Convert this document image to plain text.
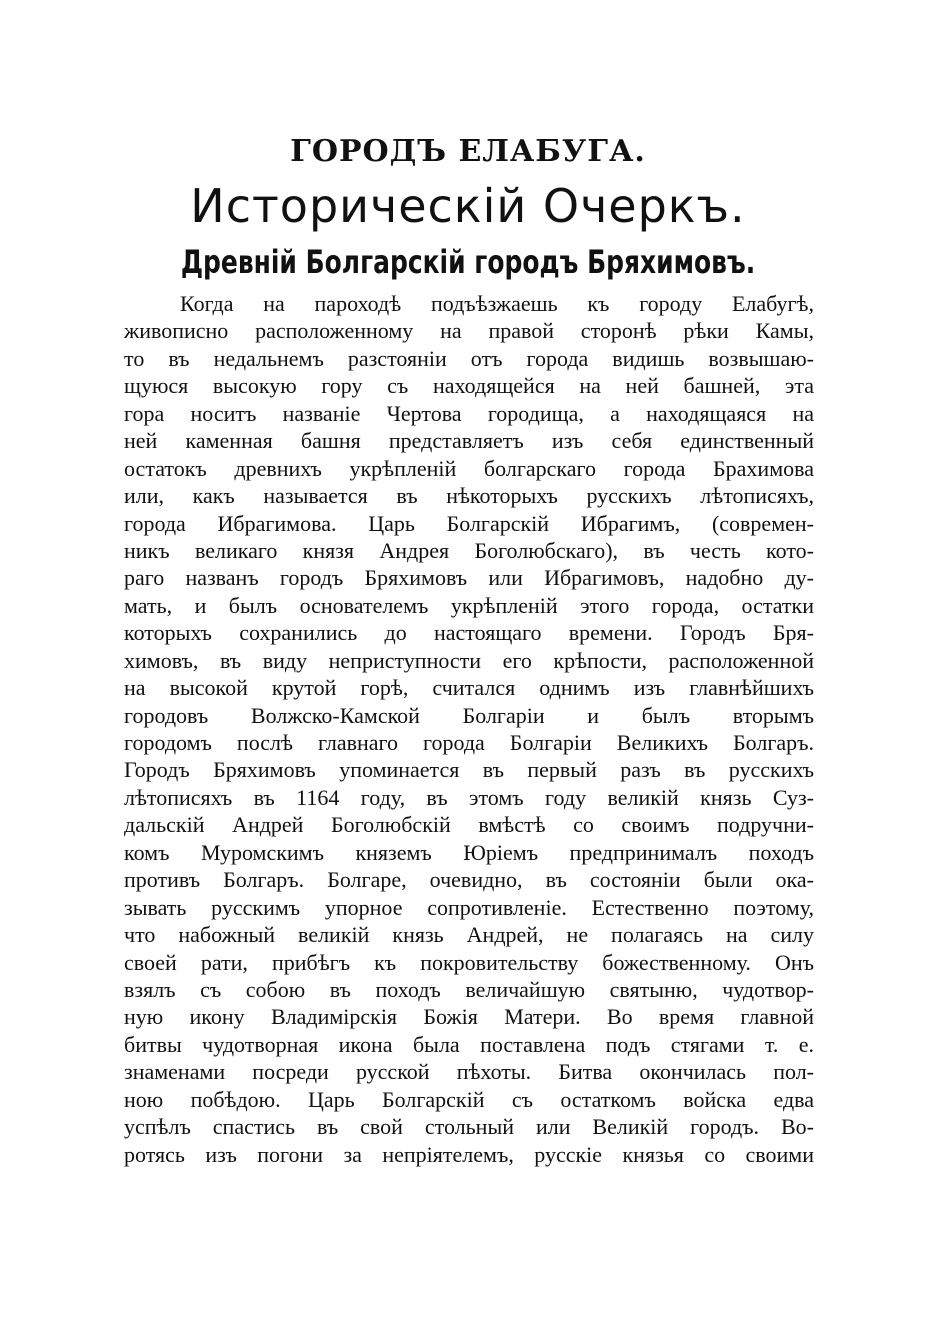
ГОРОДЪ ЕЛАБУГА.
Историческій Очеркъ.
Древній Болгарскій городъ Бряхимовъ.
Когда на пароходѣ подъѣзжаешь къ городу Елабугѣ,
живописно расположенному на правой сторонѣ рѣки Камы,
то въ недальнемъ разстояніи отъ города видишь возвышаю-
щуюся высокую гору съ находящейся на ней башней, эта
гора носитъ названіе Чертова городища, а находящаяся на
ней каменная башня представляетъ изъ себя единственный
остатокъ древнихъ укрѣпленій болгарскаго города Брахимова
или, какъ называется въ нѣкоторыхъ русскихъ лѣтописяхъ,
города Ибрагимова. Царь Болгарскій Ибрагимъ, (современ-
никъ великаго князя Андрея Боголюбскаго), въ честь кото-
раго названъ городъ Бряхимовъ или Ибрагимовъ, надобно ду-
мать, и былъ основателемъ укрѣпленій этого города, остатки
которыхъ сохранились до настоящаго времени. Городъ Бря-
химовъ, въ виду неприступности его крѣпости, расположенной
на высокой крутой горѣ, считался однимъ изъ главнѣйшихъ
городовъ Волжско-Камской Болгаріи и былъ вторымъ
городомъ послѣ главнаго города Болгаріи Великихъ Болгаръ.
Городъ Бряхимовъ упоминается въ первый разъ въ русскихъ
лѣтописяхъ въ 1164 году, въ этомъ году великій князь Суз-
дальскій Андрей Боголюбскій вмѣстѣ со своимъ подручни-
комъ Муромскимъ княземъ Юріемъ предпринималъ походъ
противъ Болгаръ. Болгаре, очевидно, въ состояніи были ока-
зывать русскимъ упорное сопротивленіе. Естественно поэтому,
что набожный великій князь Андрей, не полагаясь на силу
своей рати, прибѣгъ къ покровительству божественному. Онъ
взялъ съ собою въ походъ величайшую святыню, чудотвор-
ную икону Владимірскія Божія Матери. Во время главной
битвы чудотворная икона была поставлена подъ стягами т. е.
знаменами посреди русской пѣхоты. Битва окончилась пол-
ною побѣдою. Царь Болгарскій съ остаткомъ войска едва
успѣлъ спастись въ свой стольный или Великій городъ. Во-
ротясь изъ погони за непріятелемъ, русскіе князья со своими
